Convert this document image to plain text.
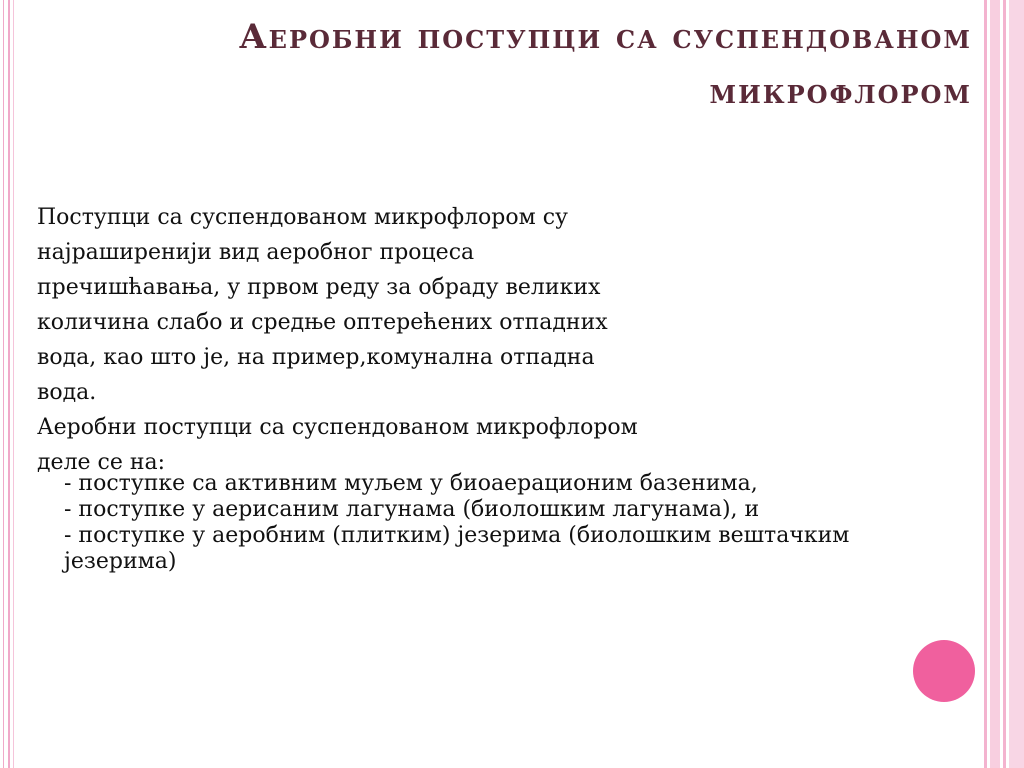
Аеробни поступци са суспендованом
микрофлором
Поступци са суспендованом микрофлором су
најраширенији вид аеробног процеса
пречишћавања, у првом реду за обраду великих
количина слабо и средње оптерећених отпадних
вода, као што је, на пример,комунална отпадна
вода.
Аеробни поступци са суспендованом микрофлором
деле се на:
- поступке са активним муљем у биоаерационим базенима,
- поступке у аерисаним лагунама (биолошким лагунама), и
- поступке у аеробним (плитким) језерима (биолошким вештачким
језерима)
